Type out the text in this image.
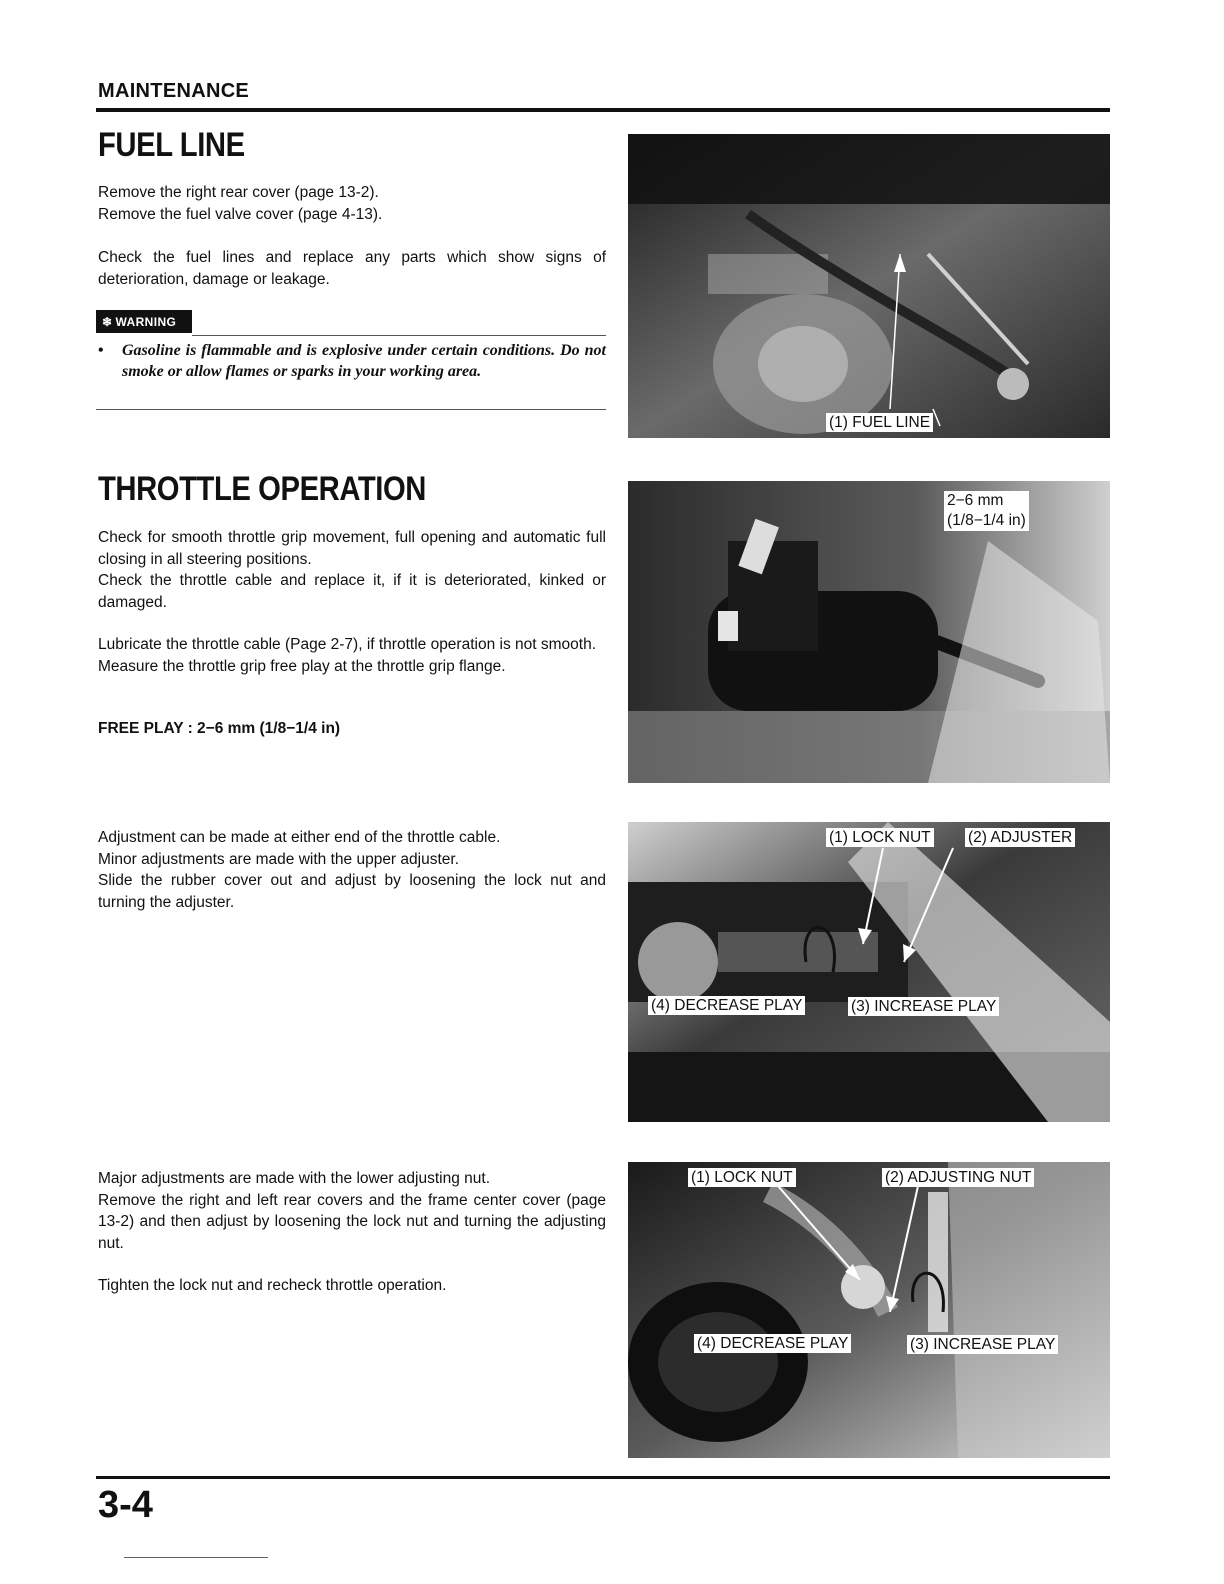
MAINTENANCE
FUEL LINE

Remove the right rear cover (page 13-2).

Remove the fuel valve cover (page 4-13).

Check the fuel lines and replace any parts which show signs of deterioration, damage or leakage.

❄ WARNING
• Gasoline is flammable and is explosive under certain conditions. Do not smoke or allow flames or sparks in your working area.
(1) FUEL LINE
THROTTLE OPERATION

Check for smooth throttle grip movement, full opening and automatic full closing in all steering positions.

Check the throttle cable and replace it, if it is deteriorated, kinked or damaged.

Lubricate the throttle cable (Page 2-7), if throttle operation is not smooth.

Measure the throttle grip free play at the throttle grip flange.

FREE PLAY : 2−6 mm (1/8−1/4 in)
2−6 mm
(1/8−1/4 in)

Adjustment can be made at either end of the throttle cable.

Minor adjustments are made with the upper adjuster.

Slide the rubber cover out and adjust by loosening the lock nut and turning the adjuster.

(1) LOCK NUT (2) ADJUSTER
(4) DECREASE PLAY	(3) INCREASE PLAY

Major adjustments are made with the lower adjusting nut.

Remove the right and left rear covers and the frame center cover (page 13-2) and then adjust by loosening the lock nut and turning the adjusting nut.

Tighten the lock nut and recheck throttle operation.

(1) LOCK NUT	(2) ADJUSTING NUT
(4) DECREASE PLAY	(3) INCREASE PLAY
3-4
